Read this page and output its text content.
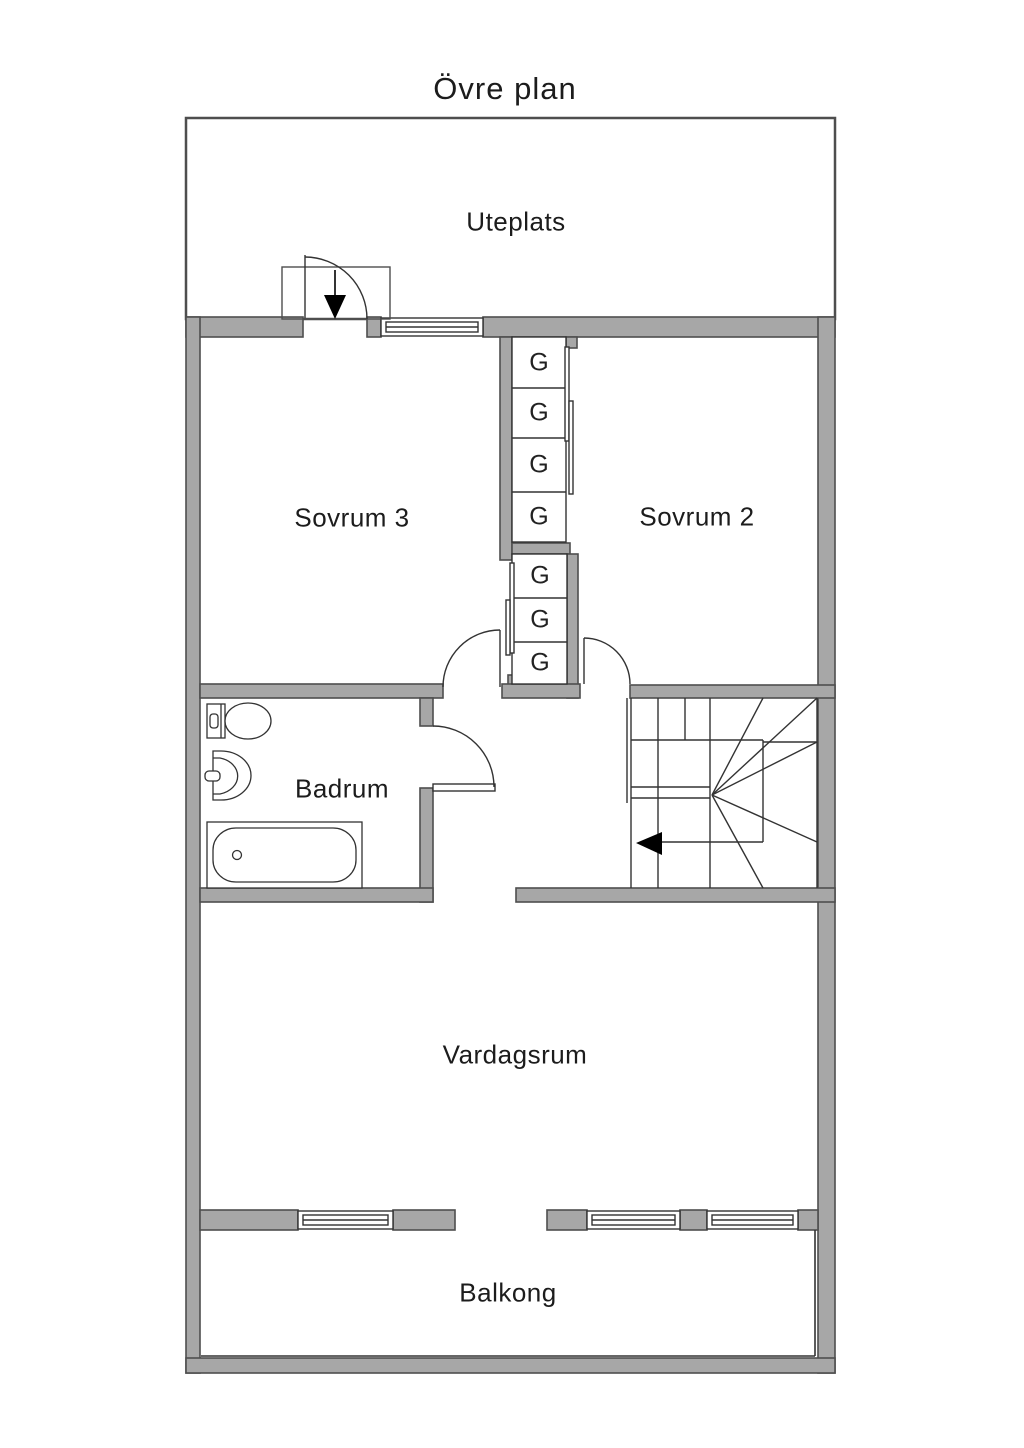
Övre plan
Uteplats
Sovrum 3	Sovrum 2
Badrum
Vardagsrum
Balkong
G
G
G
G
G
G
G
